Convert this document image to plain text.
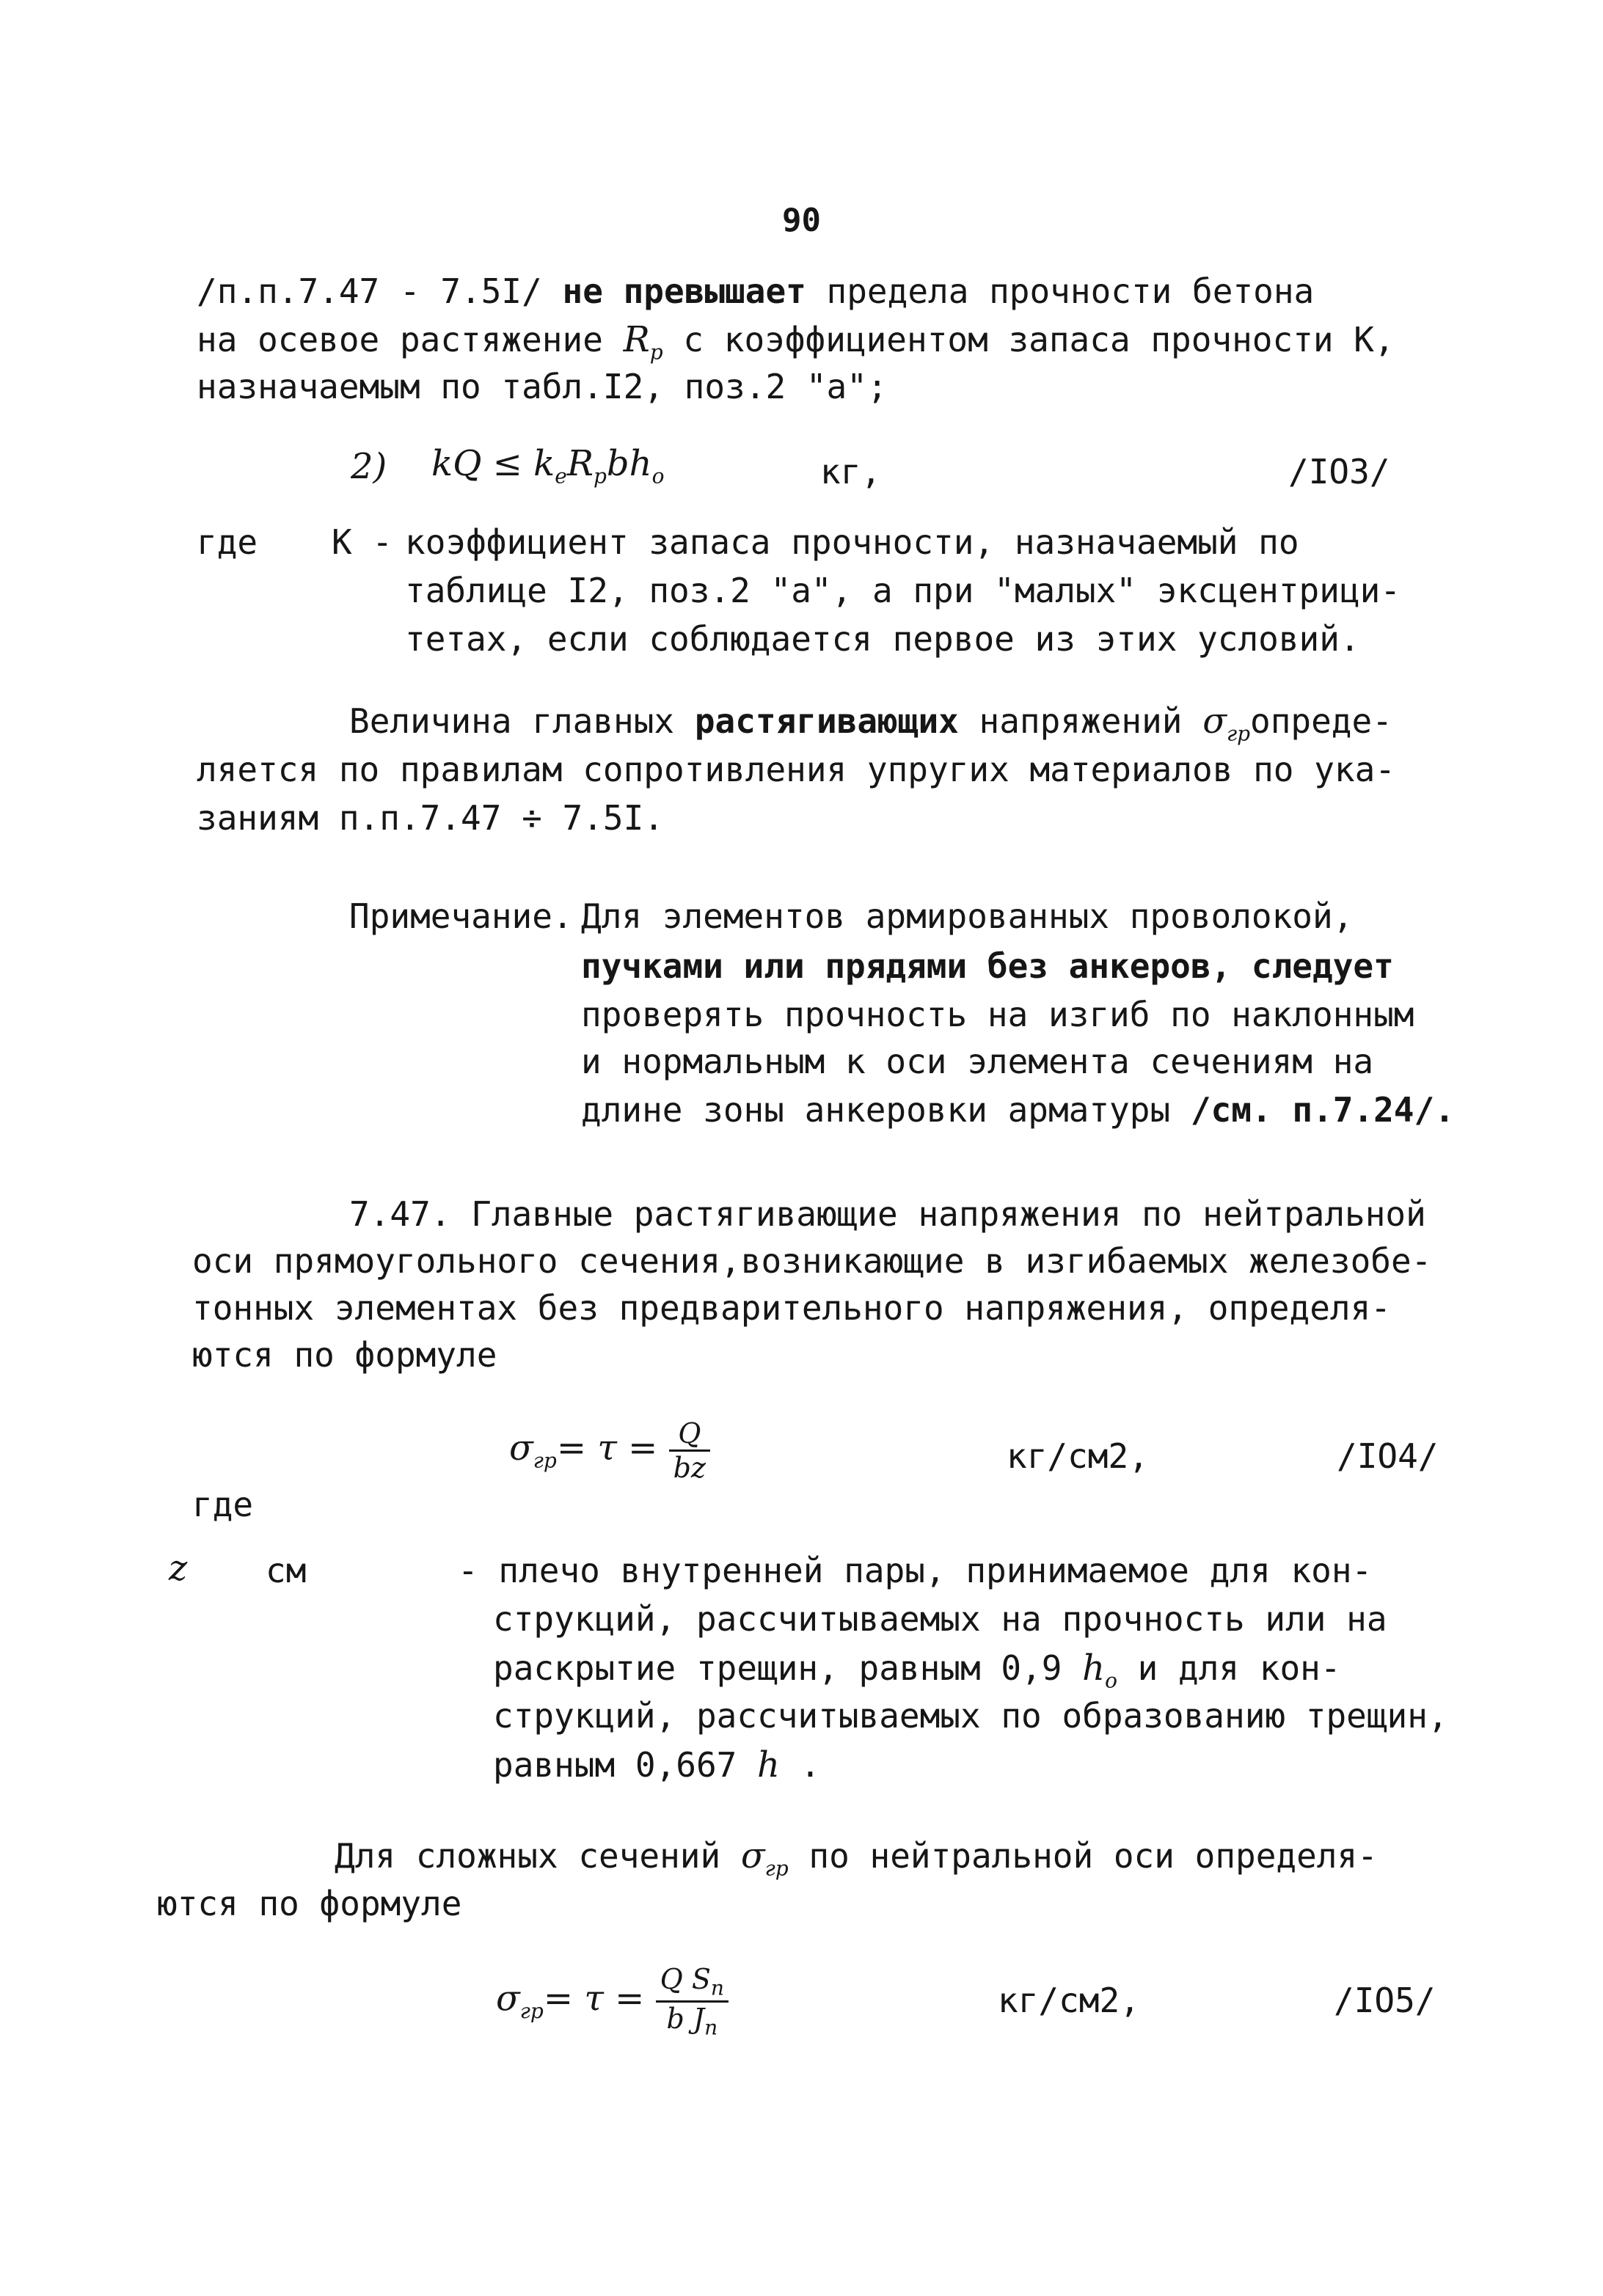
90
/п.п.7.47 - 7.5I/ не превышает предела прочности бетона
на осевое растяжение $R_р$ с коэффициентом запаса прочности К,
назначаемым по табл.I2, поз.2 "а";
2) kQ ≤ $k_eR_pbh_o$	кг,	/IO3/
где К - коэффициент запаса прочности, назначаемый по
таблице I2, поз.2 "а", а при "малых" эксцентрици-
тетах, если соблюдается первое из этих условий.
Величина главных растягивающих напряжений $\sigma_{гр}опреде-$
ляется по правилам сопротивления упругих материалов по ука-
заниям п.п.7.47 ÷ 7.5I.
Примечание. Для элементов армированных проволокой,
пучками или прядями без анкеров, следует
проверять прочность на изгиб по наклонным
и нормальным к оси элемента сечениям на
длине зоны анкеровки арматуры /см. п.7.24/.
7.47. Главные растягивающие напряжения по нейтральной
оси прямоугольного сечения,возникающие в изгибаемых железобе-
тонных элементах без предварительного напряжения, определя-
ются по формуле
$\sigma_{гр}= \tau = \frac{Q}{bz}$	кг/см2,	/IO4/
где
z см	- плечо внутренней пары, принимаемое для кон-
струкций, рассчитываемых на прочность или на
раскрытие трещин, равным 0,9 $h_o$ и для кон-
струкций, рассчитываемых по образованию трещин,
равным 0,667 h .
Для сложных сечений $\sigma_{гр}$ по нейтральной оси определя-
ются по формуле
$\sigma_{гр}= \tau = \frac{Q S_n}{b J_n}$	кг/см2,	/IO5/
